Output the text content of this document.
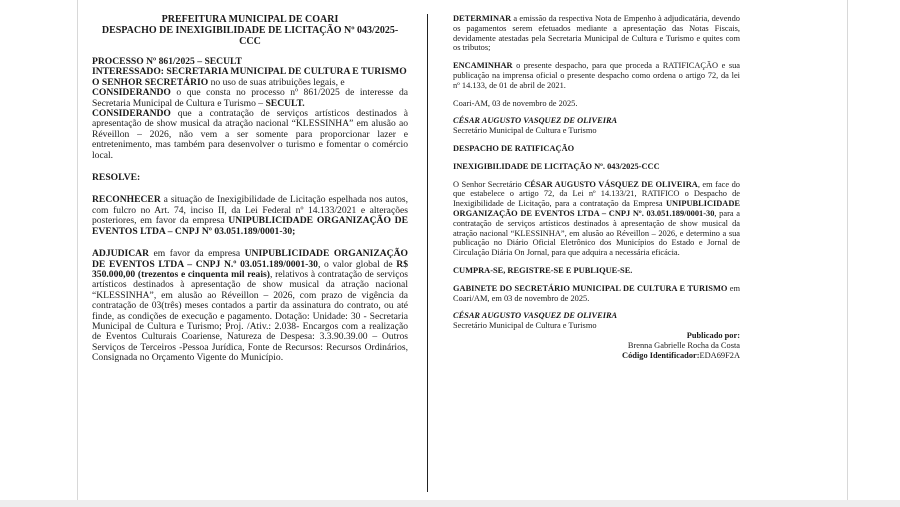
PREFEITURA MUNICIPAL DE COARI
DESPACHO DE INEXIGIBILIDADE DE LICITAÇÃO Nº 043/2025-CCC

PROCESSO Nº 861/2025 – SECULT

INTERESSADO: SECRETARIA MUNICIPAL DE CULTURA E TURISMO

O SENHOR SECRETÁRIO no uso de suas atribuições legais, e

CONSIDERANDO o que consta no processo nº 861/2025 de interesse da Secretaria Municipal de Cultura e Turismo – SECULT.

CONSIDERANDO que a contratação de serviços artísticos destinados à apresentação de show musical da atração nacional “KLESSINHA” em alusão ao Réveillon – 2026, não vem a ser somente para proporcionar lazer e entretenimento, mas também para desenvolver o turismo e fomentar o comércio local.

RESOLVE:

RECONHECER a situação de Inexigibilidade de Licitação espelhada nos autos, com fulcro no Art. 74, inciso II, da Lei Federal nº 14.133/2021 e alterações posteriores, em favor da empresa UNIPUBLICIDADE ORGANIZAÇÃO DE EVENTOS LTDA – CNPJ Nº 03.051.189/0001-30;

ADJUDICAR em favor da empresa UNIPUBLICIDADE ORGANIZAÇÃO DE EVENTOS LTDA – CNPJ N.º 03.051.189/0001-30, o valor global de R$ 350.000,00 (trezentos e cinquenta mil reais), relativos à contratação de serviços artísticos destinados à apresentação de show musical da atração nacional “KLESSINHA”, em alusão ao Réveillon – 2026, com prazo de vigência da contratação de 03(três) meses contados a partir da assinatura do contrato, ou até finde, as condições de execução e pagamento. Dotação: Unidade: 30 - Secretaria Municipal de Cultura e Turismo; Proj. /Ativ.: 2.038- Encargos com a realização de Eventos Culturais Coariense, Natureza de Despesa: 3.3.90.39.00 – Outros Serviços de Terceiros -Pessoa Jurídica, Fonte de Recursos: Recursos Ordinários, Consignada no Orçamento Vigente do Município.

DETERMINAR a emissão da respectiva Nota de Empenho à adjudicatária, devendo os pagamentos serem efetuados mediante a apresentação das Notas Fiscais, devidamente atestadas pela Secretaria Municipal de Cultura e Turismo e quites com os tributos;

ENCAMINHAR o presente despacho, para que proceda a RATIFICAÇÃO e sua publicação na imprensa oficial o presente despacho como ordena o artigo 72, da lei nº 14.133, de 01 de abril de 2021.

Coari-AM, 03 de novembro de 2025.

CÉSAR AUGUSTO VASQUEZ DE OLIVEIRA

Secretário Municipal de Cultura e Turismo

DESPACHO DE RATIFICAÇÃO

INEXIGIBILIDADE DE LICITAÇÃO Nº. 043/2025-CCC

O Senhor Secretário CÉSAR AUGUSTO VÁSQUEZ DE OLIVEIRA, em face do que estabelece o artigo 72, da Lei nº 14.133/21, RATIFICO o Despacho de Inexigibilidade de Licitação, para a contratação da Empresa UNIPUBLICIDADE ORGANIZAÇÃO DE EVENTOS LTDA – CNPJ Nº. 03.051.189/0001-30, para a contratação de serviços artísticos destinados à apresentação de show musical da atração nacional “KLESSINHA”, em alusão ao Réveillon – 2026, e determino a sua publicação no Diário Oficial Eletrônico dos Municípios do Estado e Jornal de Circulação Diária On Jornal, para que adquira a necessária eficácia.

CUMPRA-SE, REGISTRE-SE E PUBLIQUE-SE.

GABINETE DO SECRETÁRIO MUNICIPAL DE CULTURA E TURISMO em Coari/AM, em 03 de novembro de 2025.

CÉSAR AUGUSTO VASQUEZ DE OLIVEIRA

Secretário Municipal de Cultura e Turismo

Publicado por:

Brenna Gabrielle Rocha da Costa

Código Identificador:EDA69F2A
